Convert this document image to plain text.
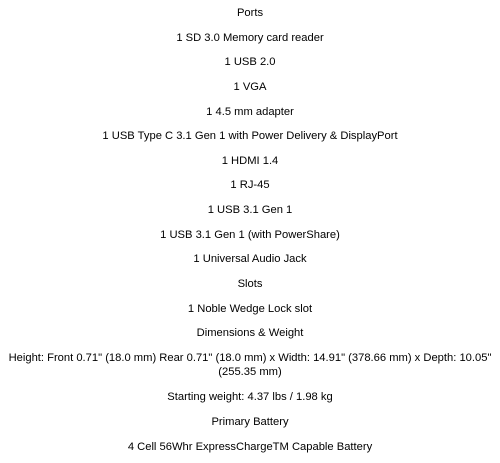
Ports

1 SD 3.0 Memory card reader

1 USB 2.0

1 VGA

1 4.5 mm adapter

1 USB Type C 3.1 Gen 1 with Power Delivery & DisplayPort

1 HDMI 1.4

1 RJ-45

1 USB 3.1 Gen 1

1 USB 3.1 Gen 1 (with PowerShare)

1 Universal Audio Jack

Slots

1 Noble Wedge Lock slot

Dimensions & Weight

Height: Front 0.71" (18.0 mm) Rear 0.71" (18.0 mm) x Width: 14.91" (378.66 mm) x Depth: 10.05" (255.35 mm)

Starting weight: 4.37 lbs / 1.98 kg

Primary Battery

4 Cell 56Whr ExpressChargeTM Capable Battery
